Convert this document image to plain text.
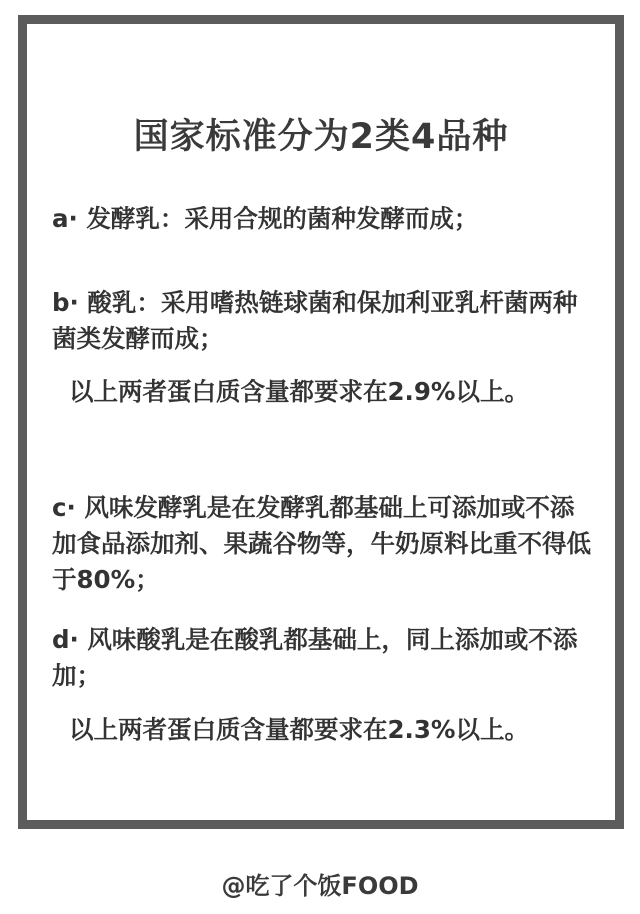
国家标准分为2类4品种
a· 发酵乳：采用合规的菌种发酵而成；
b· 酸乳：采用嗜热链球菌和保加利亚乳杆菌两种菌类发酵而成；
以上两者蛋白质含量都要求在2.9%以上。
c· 风味发酵乳是在发酵乳都基础上可添加或不添加食品添加剂、果蔬谷物等，牛奶原料比重不得低于80%；
d· 风味酸乳是在酸乳都基础上，同上添加或不添加；
以上两者蛋白质含量都要求在2.3%以上。
@吃了个饭FOOD
